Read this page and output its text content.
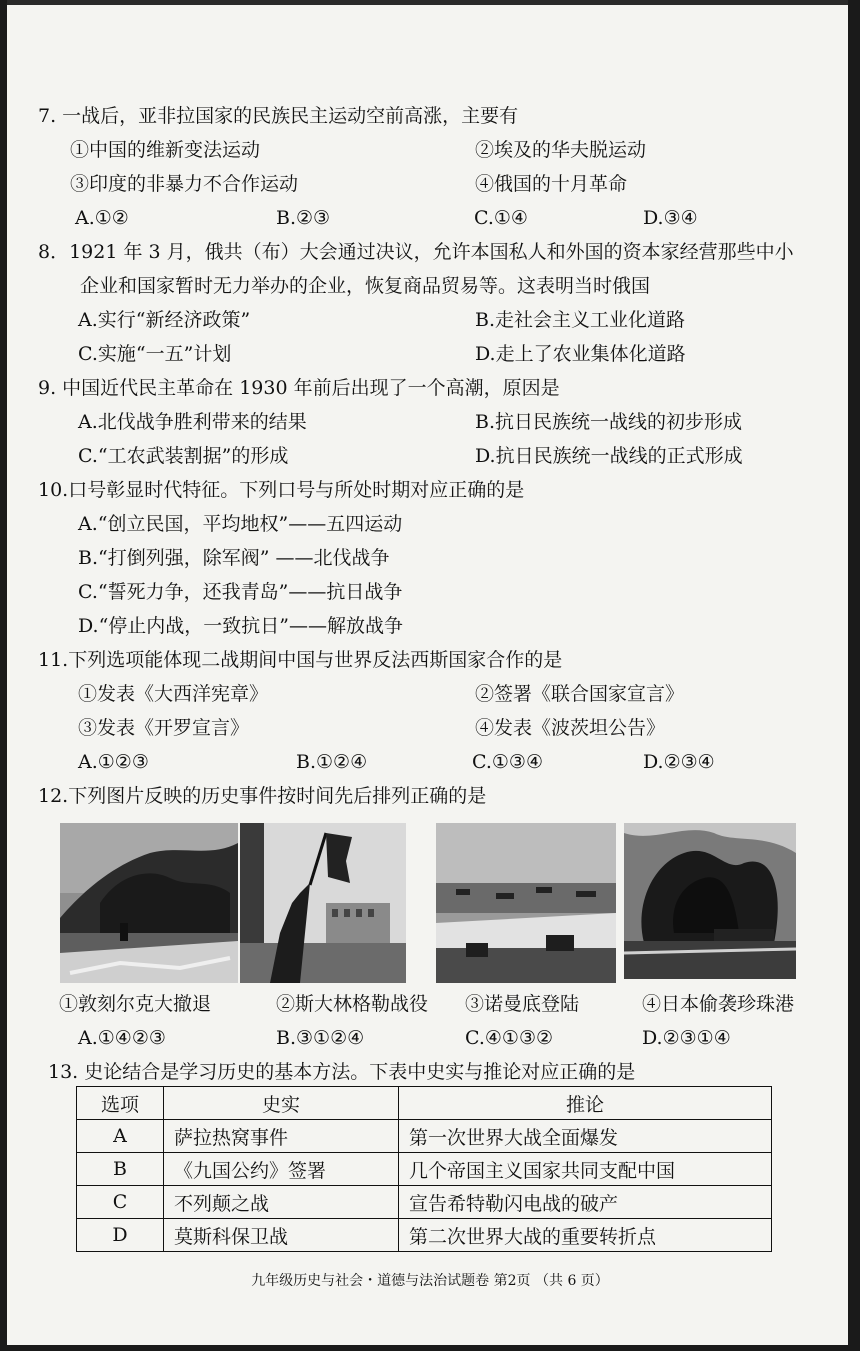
7. 一战后，亚非拉国家的民族民主运动空前高涨，主要有
①中国的维新变法运动	②埃及的华夫脱运动
③印度的非暴力不合作运动	④俄国的十月革命
A.①②	B.②③	C.①④	D.③④
8．1921 年 3 月，俄共（布）大会通过决议，允许本国私人和外国的资本家经营那些中小
企业和国家暂时无力举办的企业，恢复商品贸易等。这表明当时俄国
A.实行“新经济政策”	B.走社会主义工业化道路
C.实施“一五”计划	D.走上了农业集体化道路
9. 中国近代民主革命在 1930 年前后出现了一个高潮，原因是
A.北伐战争胜利带来的结果	B.抗日民族统一战线的初步形成
C.“工农武装割据”的形成	D.抗日民族统一战线的正式形成
10.口号彰显时代特征。下列口号与所处时期对应正确的是
A.“创立民国，平均地权”——五四运动
B.“打倒列强，除军阀” ——北伐战争
C.“誓死力争，还我青岛”——抗日战争
D.“停止内战，一致抗日”——解放战争
11.下列选项能体现二战期间中国与世界反法西斯国家合作的是
①发表《大西洋宪章》	②签署《联合国家宣言》
③发表《开罗宣言》	④发表《波茨坦公告》
A.①②③	B.①②④	C.①③④	D.②③④
12.下列图片反映的历史事件按时间先后排列正确的是
①敦刻尔克大撤退	②斯大林格勒战役 ③诺曼底登陆	④日本偷袭珍珠港
A.①④②③	B.③①②④	C.④①③②	D.②③①④
13. 史论结合是学习历史的基本方法。下表中史实与推论对应正确的是
选项	史实	推论
A	萨拉热窝事件	第一次世界大战全面爆发
B	《九国公约》签署	几个帝国主义国家共同支配中国
C	不列颠之战	宣告希特勒闪电战的破产
D	莫斯科保卫战	第二次世界大战的重要转折点
九年级历史与社会・道德与法治试题卷 第2页 （共 6 页）
